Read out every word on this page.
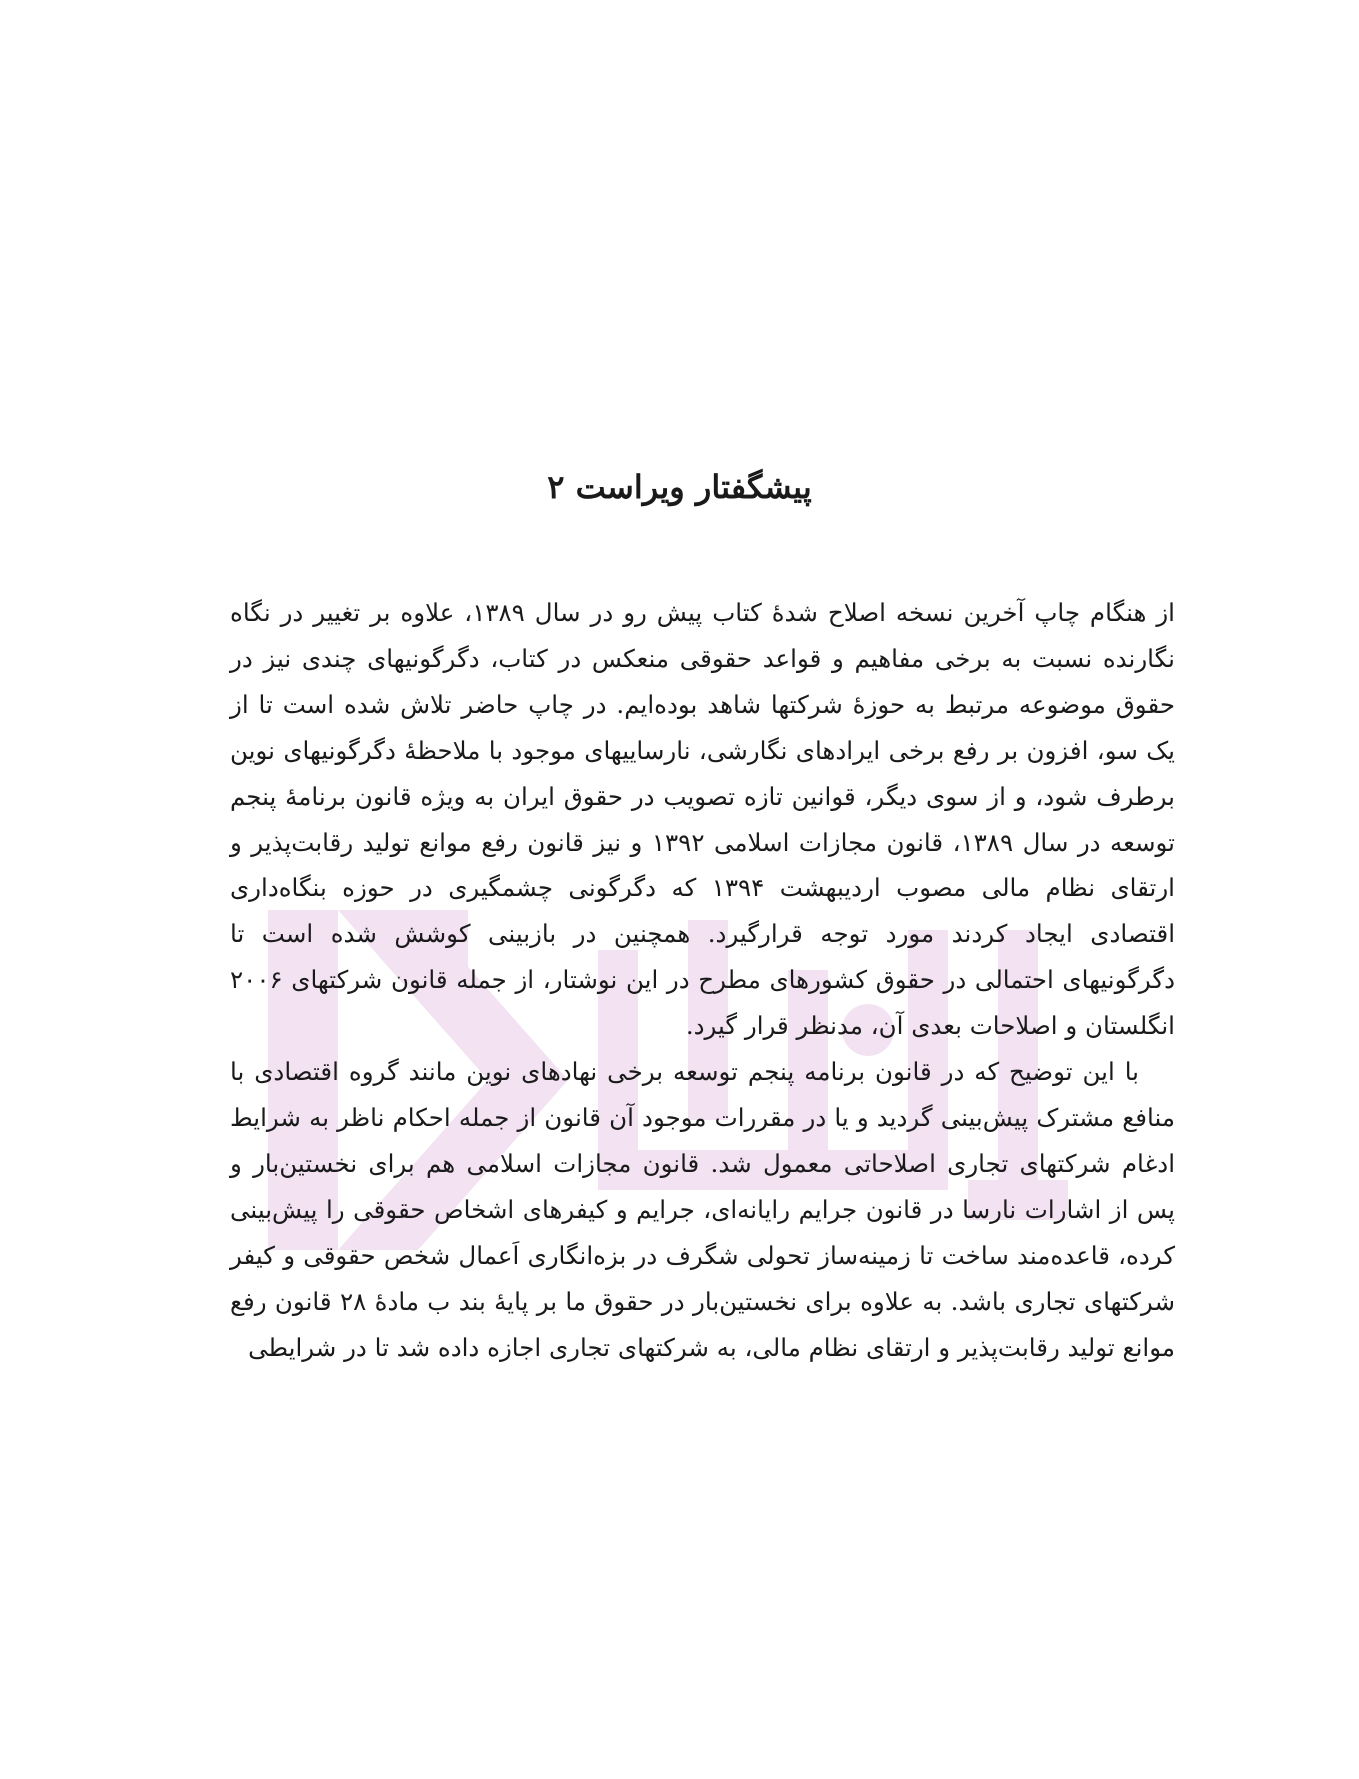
پیشگفتار ویراست ۲

از هنگام چاپ آخرین نسخه اصلاح شدهٔ کتاب پیش رو در سال ۱۳۸۹، علاوه بر تغییر در نگاه نگارنده نسبت به برخی مفاهیم و قواعد حقوقی منعکس در کتاب، دگرگونیهای چندی نیز در حقوق موضوعه مرتبط به حوزهٔ شرکتها شاهد بوده‌ایم. در چاپ حاضر تلاش شده است تا از یک سو، افزون بر رفع برخی ایرادهای نگارشی، نارساییهای موجود با ملاحظهٔ دگرگونیهای نوین برطرف شود، و از سوی دیگر، قوانین تازه تصویب در حقوق ایران به ویژه قانون برنامهٔ پنجم توسعه در سال ۱۳۸۹، قانون مجازات اسلامی ۱۳۹۲ و نیز قانون رفع موانع تولید رقابت‌پذیر و ارتقای نظام مالی مصوب اردیبهشت ۱۳۹۴ که دگرگونی چشمگیری در حوزه بنگاه‌داری اقتصادی ایجاد کردند مورد توجه قرارگیرد. همچنین در بازبینی کوشش شده است تا دگرگونیهای احتمالی در حقوق کشورهای مطرح در این نوشتار، از جمله قانون شرکتهای ۲۰۰۶ انگلستان و اصلاحات بعدی آن، مدنظر قرار گیرد.

با این توضیح که در قانون برنامه پنجم توسعه برخی نهادهای نوین مانند گروه اقتصادی با منافع مشترک پیش‌بینی گردید و یا در مقررات موجود آن قانون از جمله احکام ناظر به شرایط ادغام شرکتهای تجاری اصلاحاتی معمول شد. قانون مجازات اسلامی هم برای نخستین‌بار و پس از اشارات نارسا در قانون جرایم رایانه‌ای، جرایم و کیفرهای اشخاص حقوقی را پیش‌بینی کرده، قاعده‌مند ساخت تا زمینه‌ساز تحولی شگرف در بزه‌انگاری اَعمال شخص حقوقی و کیفر شرکتهای تجاری باشد. به علاوه برای نخستین‌بار در حقوق ما بر پایهٔ بند ب مادهٔ ۲۸ قانون رفع موانع تولید رقابت‌پذیر و ارتقای نظام مالی، به شرکتهای تجاری اجازه داده شد تا در شرایطی
